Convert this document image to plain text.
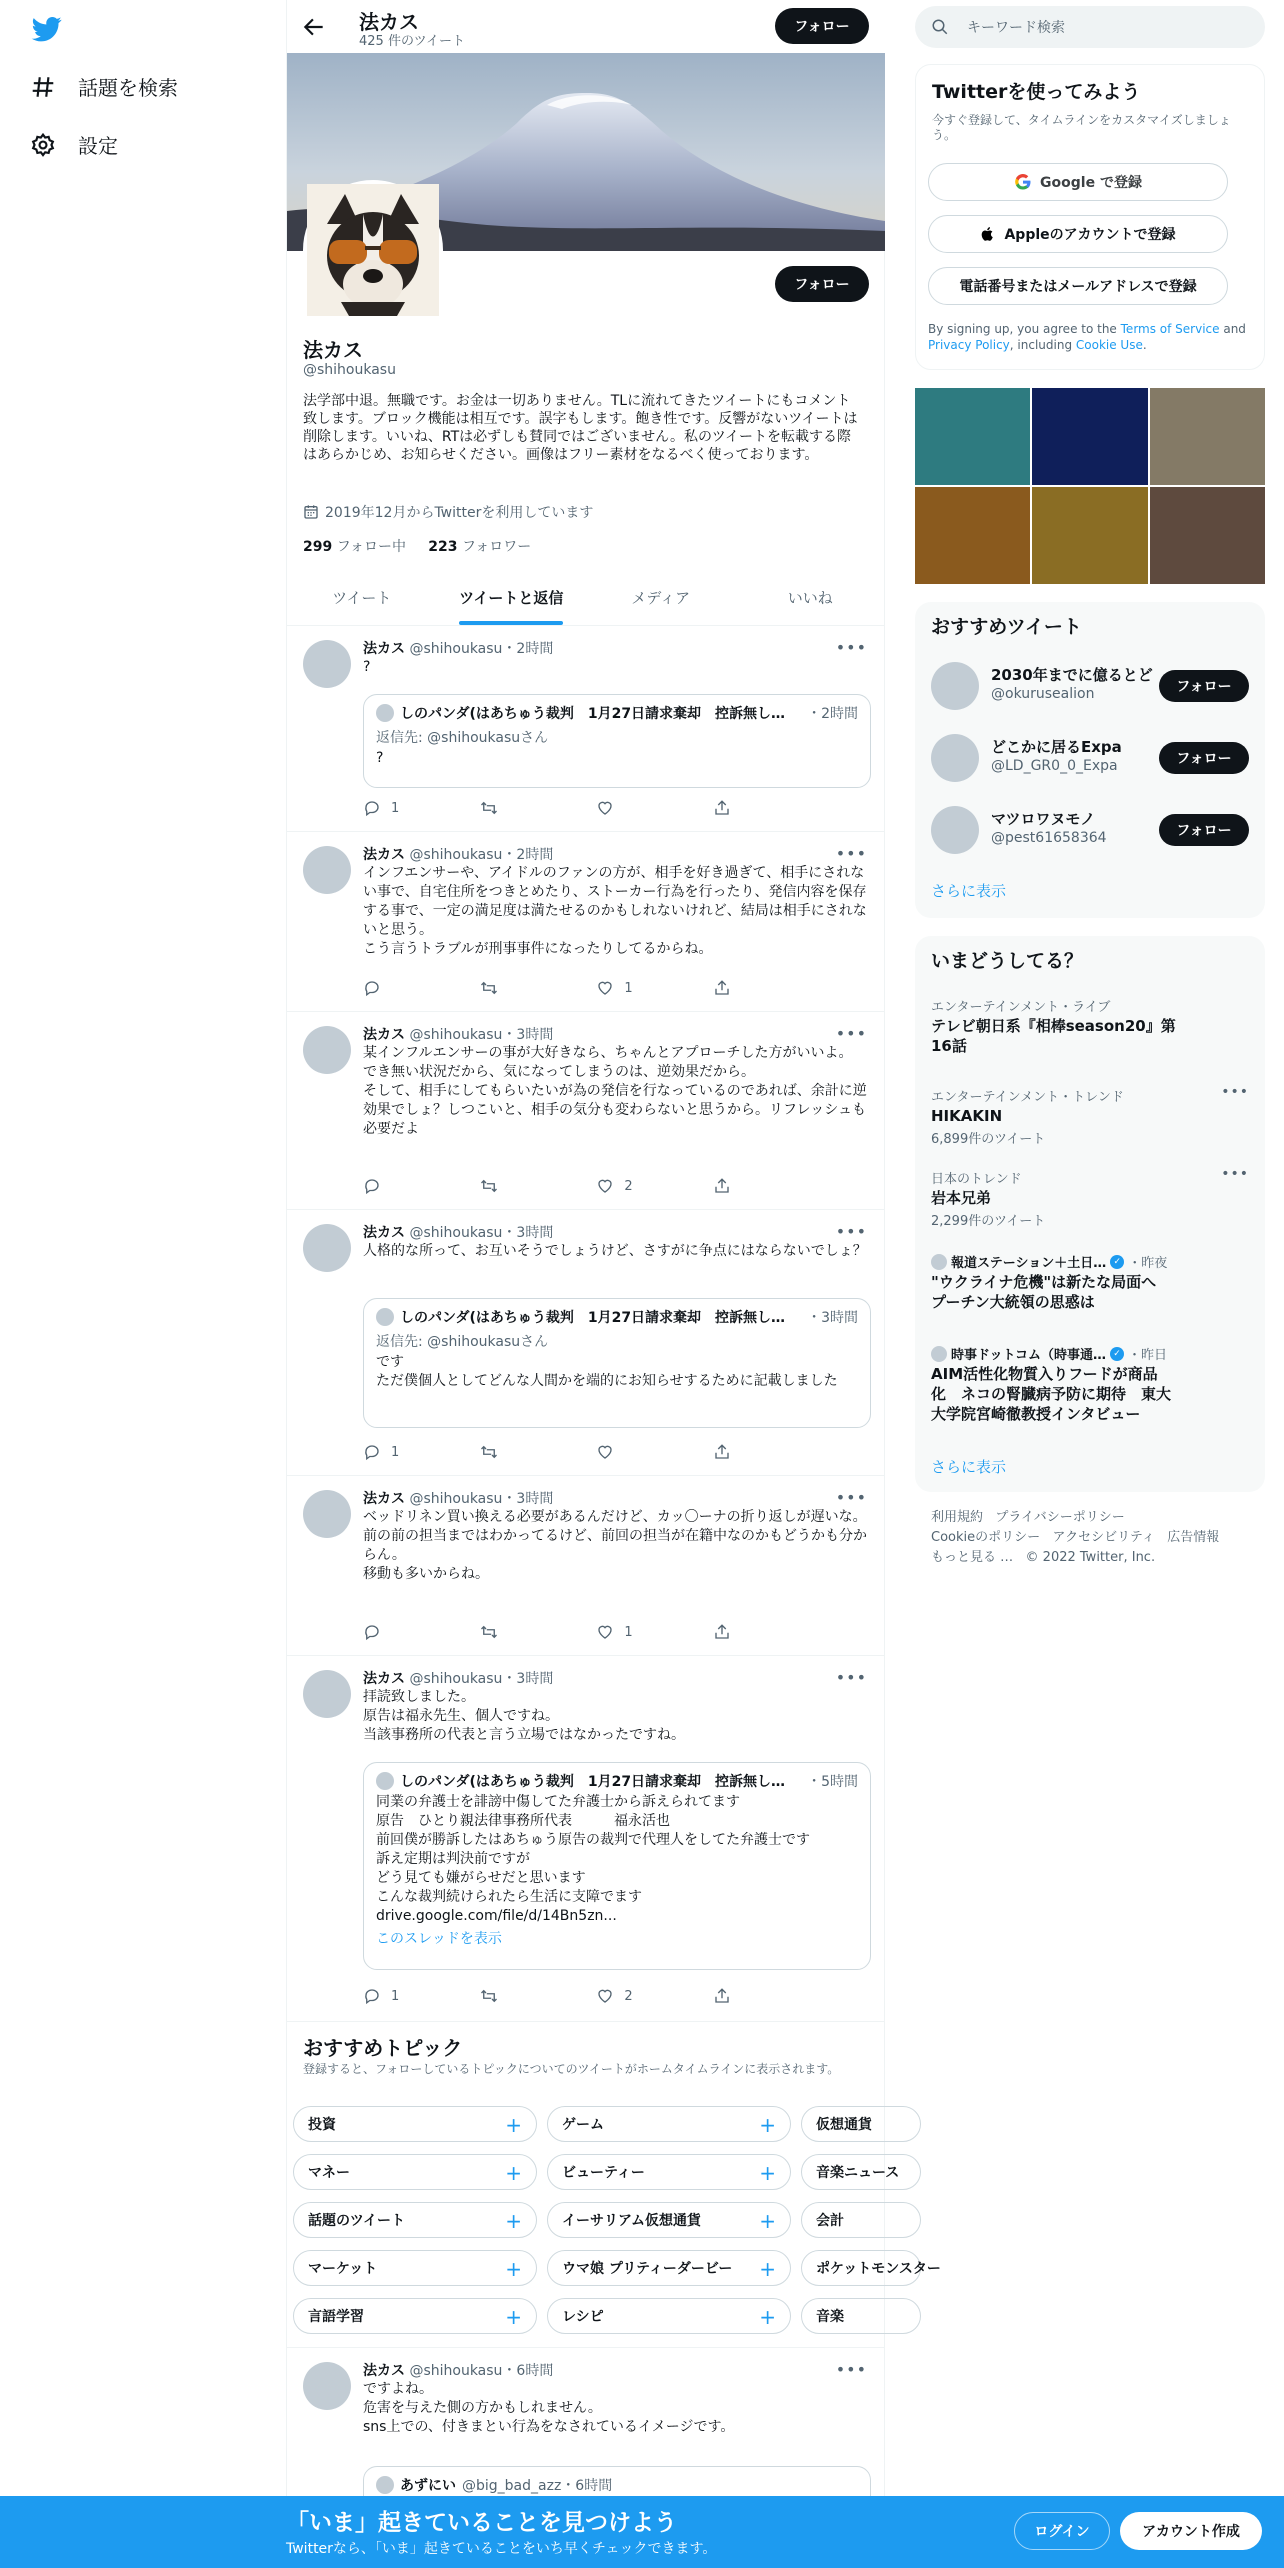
話題を検索
設定
法カス
425 件のツイート
フォロー
フォロー
法カス
@shihoukasu
法学部中退。無職です。お金は一切ありません。TLに流れてきたツイートにもコメント致します。ブロック機能は相互です。誤字もします。飽き性です。反響がないツイートは削除します。いいね、RTは必ずしも賛同ではございません。私のツイートを転載する際はあらかじめ、お知らせください。画像はフリー素材をなるべく使っております。
2019年12月からTwitterを利用しています
299 フォロー中 223 フォロワー
ツイート	ツイートと返信	メディア	いいね
法カス @shihoukasu・2時間	•••
?
しのパンダ(はあちゅう裁判　1月27日請求棄却　控訴無し…	・2時間
返信先: @shihoukasuさん
?
1
法カス @shihoukasu・2時間	•••
インフエンサーや、アイドルのファンの方が、相手を好き過ぎて、相手にされない事で、自宅住所をつきとめたり、ストーカー行為を行ったり、発信内容を保存する事で、一定の満足度は満たせるのかもしれないけれど、結局は相手にされないと思う。
こう言うトラブルが刑事事件になったりしてるからね。
1
法カス @shihoukasu・3時間	•••
某インフルエンサーの事が大好きなら、ちゃんとアプローチした方がいいよ。
でき無い状況だから、気になってしまうのは、逆効果だから。
そして、相手にしてもらいたいが為の発信を行なっているのであれば、余計に逆効果でしょ？しつこいと、相手の気分も変わらないと思うから。リフレッシュも必要だよ
2
法カス @shihoukasu・3時間	•••
人格的な所って、お互いそうでしょうけど、さすがに争点にはならないでしょ？
しのパンダ(はあちゅう裁判　1月27日請求棄却　控訴無し…	・3時間
返信先: @shihoukasuさん
です
ただ僕個人としてどんな人間かを端的にお知らせするために記載しました
1
法カス @shihoukasu・3時間	•••
ベッドリネン買い換える必要があるんだけど、カッ〇ーナの折り返しが遅いな。
前の前の担当まではわかってるけど、前回の担当が在籍中なのかもどうかも分からん。
移動も多いからね。
1
法カス @shihoukasu・3時間	•••
拝読致しました。
原告は福永先生、個人ですね。
当該事務所の代表と言う立場ではなかったですね。
しのパンダ(はあちゅう裁判　1月27日請求棄却　控訴無し…	・5時間
同業の弁護士を誹謗中傷してた弁護士から訴えられてます
原告　ひとり親法律事務所代表　　　福永活也
前回僕が勝訴したはあちゅう原告の裁判で代理人をしてた弁護士です
訴え定期は判決前ですが
どう見ても嫌がらせだと思います
こんな裁判続けられたら生活に支障でます
drive.google.com/file/d/14Bn5zn...
このスレッドを表示
1	2
おすすめトピック
登録すると、フォローしているトピックについてのツイートがホームタイムラインに表示されます。
投資	+	ゲーム	+	仮想通貨
マネー	+	ビューティー	+	音楽ニュース
話題のツイート	+	イーサリアム仮想通貨	+	会計
マーケット	+	ウマ娘 プリティーダービー +	ポケットモンスター
言語学習	+	レシピ	+	音楽
法カス @shihoukasu・6時間	•••
ですよね。
危害を与えた側の方かもしれません。
sns上での、付きまとい行為をなされているイメージです。
あずにい @big_bad_azz・6時間
キーワード検索
Twitterを使ってみよう
今すぐ登録して、タイムラインをカスタマイズしましょう。
Google で登録
Appleのアカウントで登録
電話番号またはメールアドレスで登録
By signing up, you agree to the Terms of Service and Privacy Policy, including Cookie Use.
おすすめツイート
2030年までに億るとど
@okurusealion	フォロー
どこかに居るExpa
@LD_GR0_0_Expa	フォロー
マツロワヌモノ
@pest61658364	フォロー
さらに表示
いまどうしてる？
エンターテインメント・ライブ
テレビ朝日系『相棒season20』第16話
エンターテインメント・トレンド	•••
HIKAKIN
6,899件のツイート
日本のトレンド	•••
岩本兄弟
2,299件のツイート
報道ステーション＋土日… ✓ ・昨夜
"ウクライナ危機"は新たな局面へ　プーチン大統領の思惑は
時事ドットコム（時事通… ✓ ・昨日
AIM活性化物質入りフードが商品化　ネコの腎臓病予防に期待　東大大学院宮崎徹教授インタビュー
さらに表示
利用規約 プライバシーポリシー
Cookieのポリシー アクセシビリティ 広告情報
もっと見る … © 2022 Twitter, Inc.
「いま」起きていることを見つけよう
Twitterなら、「いま」起きていることをいち早くチェックできます。
ログイン	アカウント作成
